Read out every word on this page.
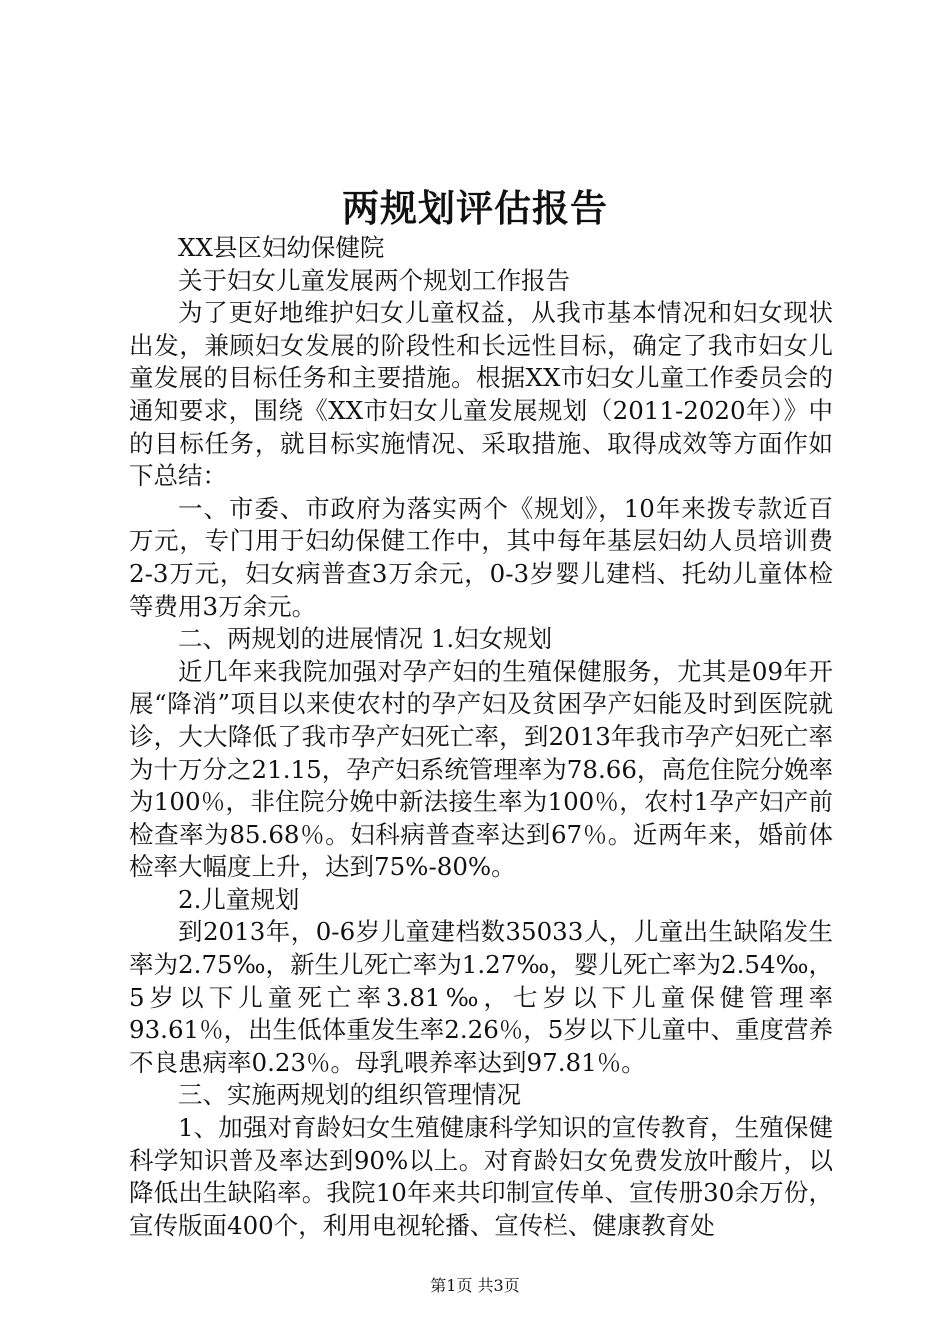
两规划评估报告

XX县区妇幼保健院

关于妇女儿童发展两个规划工作报告

为了更好地维护妇女儿童权益，从我市基本情况和妇女现状出发，兼顾妇女发展的阶段性和长远性目标，确定了我市妇女儿童发展的目标任务和主要措施。根据XX市妇女儿童工作委员会的通知要求，围绕《XX市妇女儿童发展规划（2011-2020年）》中的目标任务，就目标实施情况、采取措施、取得成效等方面作如下总结：

一、市委、市政府为落实两个《规划》，10年来拨专款近百万元，专门用于妇幼保健工作中，其中每年基层妇幼人员培训费2-3万元，妇女病普查3万余元，0-3岁婴儿建档、托幼儿童体检等费用3万余元。

二、两规划的进展情况 1.妇女规划

近几年来我院加强对孕产妇的生殖保健服务，尤其是09年开展“降消”项目以来使农村的孕产妇及贫困孕产妇能及时到医院就诊，大大降低了我市孕产妇死亡率，到2013年我市孕产妇死亡率为十万分之21.15，孕产妇系统管理率为78.66，高危住院分娩率为100％，非住院分娩中新法接生率为100％，农村1孕产妇产前检查率为85.68％。妇科病普查率达到67％。近两年来，婚前体检率大幅度上升，达到75%-80%。

2.儿童规划

到2013年，0-6岁儿童建档数35033人，儿童出生缺陷发生率为2.75‰，新生儿死亡率为1.27‰，婴儿死亡率为2.54‰，5岁以下儿童死亡率3.81‰，七岁以下儿童保健管理率93.61％，出生低体重发生率2.26％，5岁以下儿童中、重度营养不良患病率0.23％。母乳喂养率达到97.81％。

三、实施两规划的组织管理情况

1、加强对育龄妇女生殖健康科学知识的宣传教育，生殖保健科学知识普及率达到90%以上。对育龄妇女免费发放叶酸片，以降低出生缺陷率。我院10年来共印制宣传单、宣传册30余万份，宣传版面400个，利用电视轮播、宣传栏、健康教育处

第1页 共3页
